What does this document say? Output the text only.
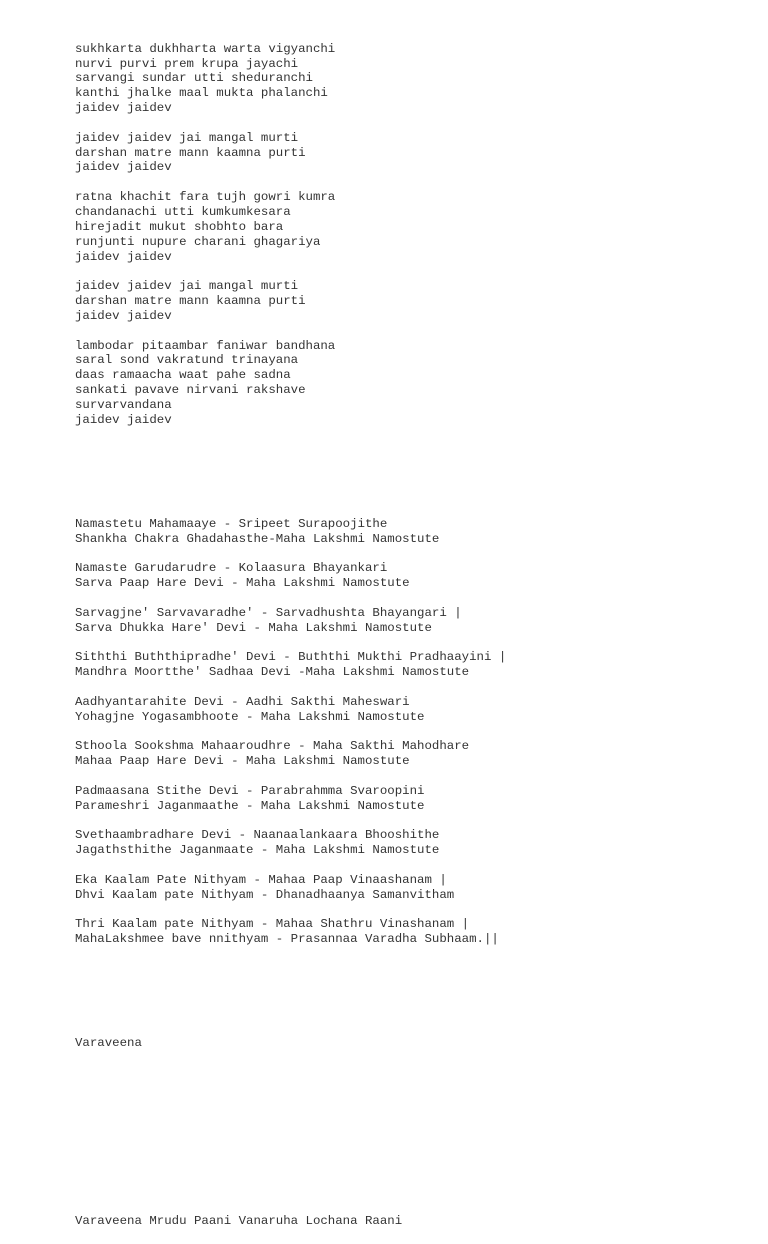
sukhkarta dukhharta warta vigyanchi
nurvi purvi prem krupa jayachi
sarvangi sundar utti sheduranchi
kanthi jhalke maal mukta phalanchi
jaidev jaidev
jaidev jaidev jai mangal murti
darshan matre mann kaamna purti
jaidev jaidev
ratna khachit fara tujh gowri kumra
chandanachi utti kumkumkesara
hirejadit mukut shobhto bara
runjunti nupure charani ghagariya
jaidev jaidev
jaidev jaidev jai mangal murti
darshan matre mann kaamna purti
jaidev jaidev
lambodar pitaambar faniwar bandhana
saral sond vakratund trinayana
daas ramaacha waat pahe sadna
sankati pavave nirvani rakshave
survarvandana
jaidev jaidev

Namastetu Mahamaaye - Sripeet Surapoojithe
Shankha Chakra Ghadahasthe-Maha Lakshmi Namostute
Namaste Garudarudre - Kolaasura Bhayankari
Sarva Paap Hare Devi - Maha Lakshmi Namostute
Sarvagjne' Sarvavaradhe' - Sarvadhushta Bhayangari |
Sarva Dhukka Hare' Devi - Maha Lakshmi Namostute
Siththi Buththipradhe' Devi - Buththi Mukthi Pradhaayini |
Mandhra Moortthe' Sadhaa Devi -Maha Lakshmi Namostute
Aadhyantarahite Devi - Aadhi Sakthi Maheswari
Yohagjne Yogasambhoote - Maha Lakshmi Namostute
Sthoola Sookshma Mahaaroudhre - Maha Sakthi Mahodhare
Mahaa Paap Hare Devi - Maha Lakshmi Namostute
Padmaasana Stithe Devi - Parabrahmma Svaroopini
Parameshri Jaganmaathe - Maha Lakshmi Namostute
Svethaambradhare Devi - Naanaalankaara Bhooshithe
Jagathsthithe Jaganmaate - Maha Lakshmi Namostute
Eka Kaalam Pate Nithyam - Mahaa Paap Vinaashanam |
Dhvi Kaalam pate Nithyam - Dhanadhaanya Samanvitham
Thri Kaalam pate Nithyam - Mahaa Shathru Vinashanam |
MahaLakshmee bave nnithyam - Prasannaa Varadha Subhaam.||

Varaveena

Varaveena Mrudu Paani Vanaruha Lochana Raani
